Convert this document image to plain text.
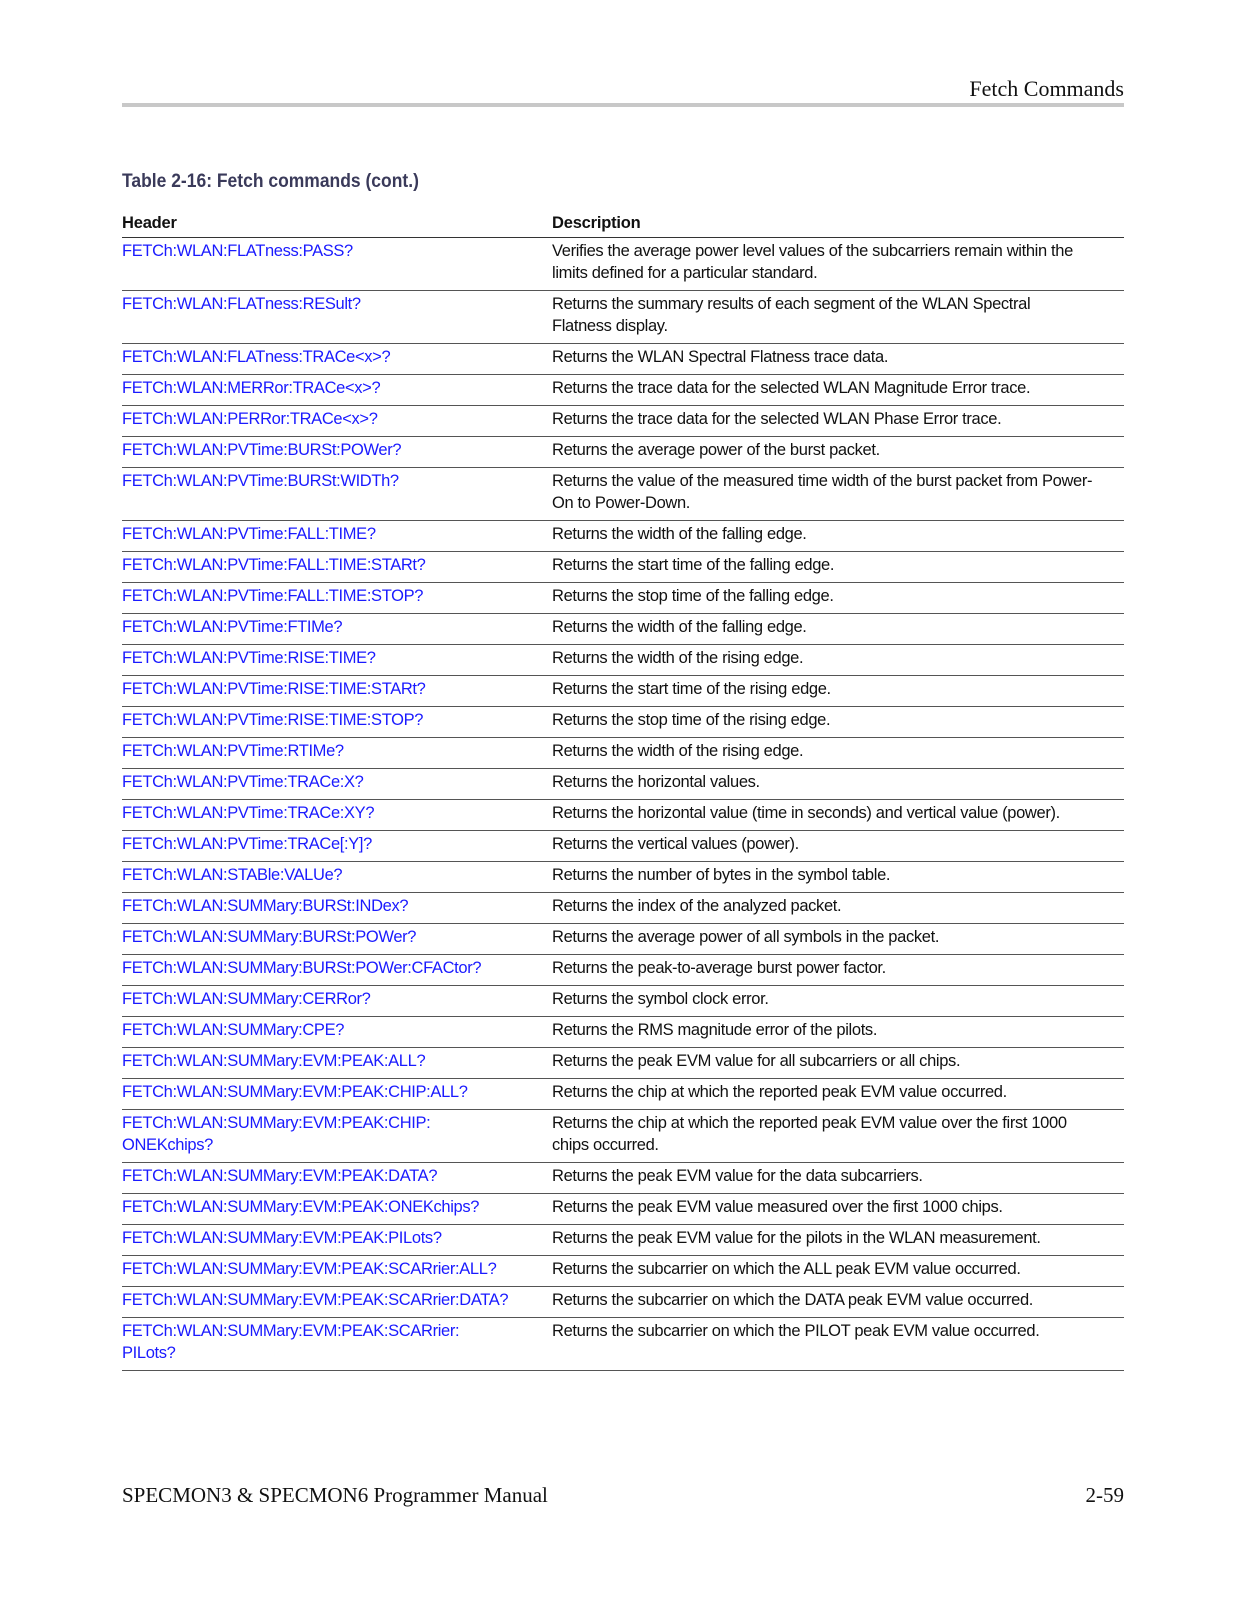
Fetch Commands
Table 2-16: Fetch commands (cont.)
Header	Description
FETCh:WLAN:FLATness:PASS?	Verifies the average power level values of the subcarriers remain within the limits defined for a particular standard.
FETCh:WLAN:FLATness:RESult?	Returns the summary results of each segment of the WLAN Spectral Flatness display.
FETCh:WLAN:FLATness:TRACe<x>?	Returns the WLAN Spectral Flatness trace data.
FETCh:WLAN:MERRor:TRACe<x>?	Returns the trace data for the selected WLAN Magnitude Error trace.
FETCh:WLAN:PERRor:TRACe<x>?	Returns the trace data for the selected WLAN Phase Error trace.
FETCh:WLAN:PVTime:BURSt:POWer?	Returns the average power of the burst packet.
FETCh:WLAN:PVTime:BURSt:WIDTh?	Returns the value of the measured time width of the burst packet from Power-On to Power-Down.
FETCh:WLAN:PVTime:FALL:TIME?	Returns the width of the falling edge.
FETCh:WLAN:PVTime:FALL:TIME:STARt?	Returns the start time of the falling edge.
FETCh:WLAN:PVTime:FALL:TIME:STOP?	Returns the stop time of the falling edge.
FETCh:WLAN:PVTime:FTIMe?	Returns the width of the falling edge.
FETCh:WLAN:PVTime:RISE:TIME?	Returns the width of the rising edge.
FETCh:WLAN:PVTime:RISE:TIME:STARt?	Returns the start time of the rising edge.
FETCh:WLAN:PVTime:RISE:TIME:STOP?	Returns the stop time of the rising edge.
FETCh:WLAN:PVTime:RTIMe?	Returns the width of the rising edge.
FETCh:WLAN:PVTime:TRACe:X?	Returns the horizontal values.
FETCh:WLAN:PVTime:TRACe:XY?	Returns the horizontal value (time in seconds) and vertical value (power).
FETCh:WLAN:PVTime:TRACe[:Y]?	Returns the vertical values (power).
FETCh:WLAN:STABle:VALUe?	Returns the number of bytes in the symbol table.
FETCh:WLAN:SUMMary:BURSt:INDex?	Returns the index of the analyzed packet.
FETCh:WLAN:SUMMary:BURSt:POWer?	Returns the average power of all symbols in the packet.
FETCh:WLAN:SUMMary:BURSt:POWer:CFACtor?	Returns the peak-to-average burst power factor.
FETCh:WLAN:SUMMary:CERRor?	Returns the symbol clock error.
FETCh:WLAN:SUMMary:CPE?	Returns the RMS magnitude error of the pilots.
FETCh:WLAN:SUMMary:EVM:PEAK:ALL?	Returns the peak EVM value for all subcarriers or all chips.
FETCh:WLAN:SUMMary:EVM:PEAK:CHIP:ALL?	Returns the chip at which the reported peak EVM value occurred.
FETCh:WLAN:SUMMary:EVM:PEAK:CHIP:
ONEKchips?	Returns the chip at which the reported peak EVM value over the first 1000 chips occurred.
FETCh:WLAN:SUMMary:EVM:PEAK:DATA?	Returns the peak EVM value for the data subcarriers.
FETCh:WLAN:SUMMary:EVM:PEAK:ONEKchips?	Returns the peak EVM value measured over the first 1000 chips.
FETCh:WLAN:SUMMary:EVM:PEAK:PILots?	Returns the peak EVM value for the pilots in the WLAN measurement.
FETCh:WLAN:SUMMary:EVM:PEAK:SCARrier:ALL?	Returns the subcarrier on which the ALL peak EVM value occurred.
FETCh:WLAN:SUMMary:EVM:PEAK:SCARrier:DATA?	Returns the subcarrier on which the DATA peak EVM value occurred.
FETCh:WLAN:SUMMary:EVM:PEAK:SCARrier:
PILots?	Returns the subcarrier on which the PILOT peak EVM value occurred.
SPECMON3 & SPECMON6 Programmer Manual	2-59
